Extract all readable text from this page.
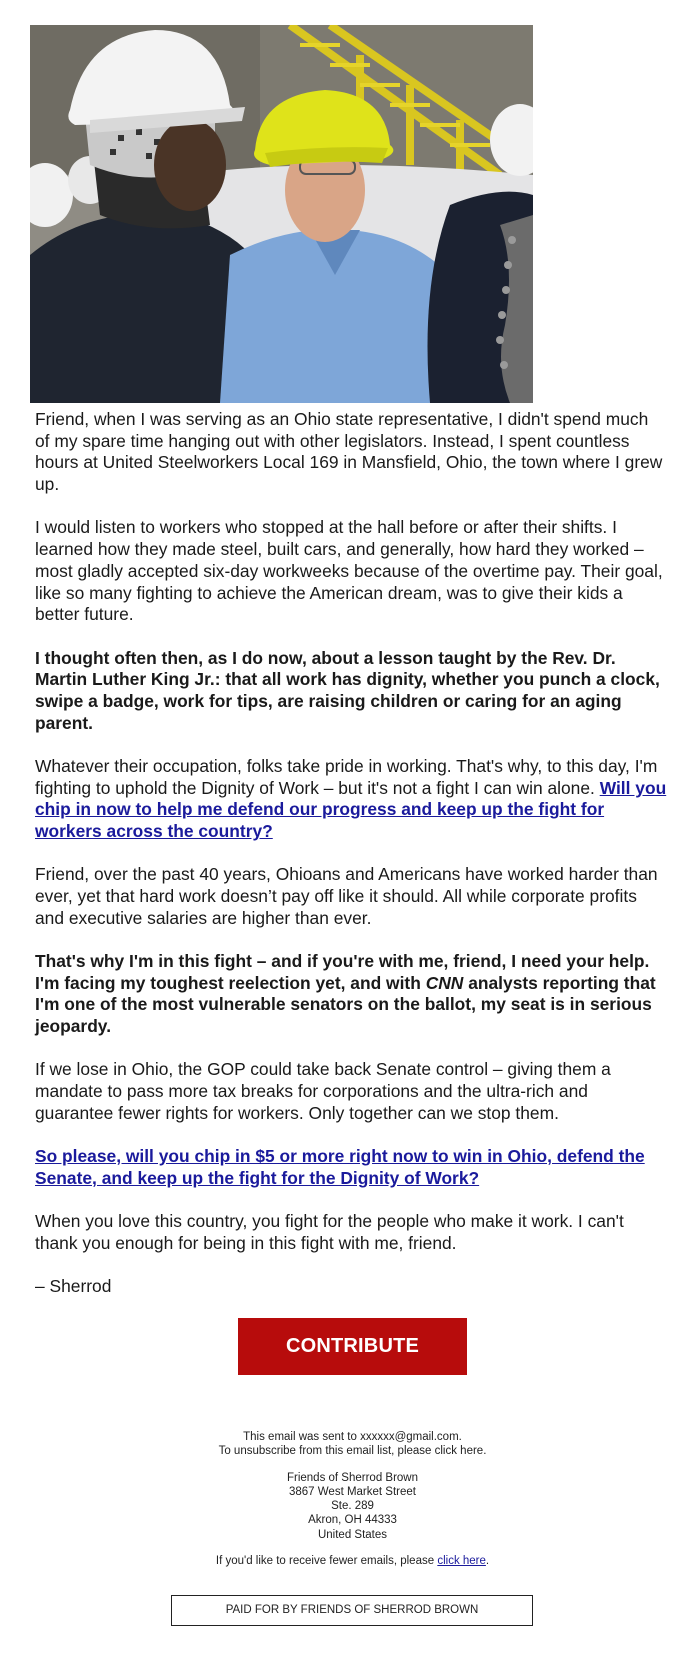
Friend, when I was serving as an Ohio state representative, I didn't spend much of my spare time hanging out with other legislators. Instead, I spent countless hours at United Steelworkers Local 169 in Mansfield, Ohio, the town where I grew up.

I would listen to workers who stopped at the hall before or after their shifts. I learned how they made steel, built cars, and generally, how hard they worked – most gladly accepted six-day workweeks because of the overtime pay. Their goal, like so many fighting to achieve the American dream, was to give their kids a better future.

I thought often then, as I do now, about a lesson taught by the Rev. Dr. Martin Luther King Jr.: that all work has dignity, whether you punch a clock, swipe a badge, work for tips, are raising children or caring for an aging parent.

Whatever their occupation, folks take pride in working. That's why, to this day, I'm fighting to uphold the Dignity of Work – but it's not a fight I can win alone. Will you chip in now to help me defend our progress and keep up the fight for workers across the country?

Friend, over the past 40 years, Ohioans and Americans have worked harder than ever, yet that hard work doesn’t pay off like it should. All while corporate profits and executive salaries are higher than ever.

That's why I'm in this fight – and if you're with me, friend, I need your help. I'm facing my toughest reelection yet, and with CNN analysts reporting that I'm one of the most vulnerable senators on the ballot, my seat is in serious jeopardy.

If we lose in Ohio, the GOP could take back Senate control – giving them a mandate to pass more tax breaks for corporations and the ultra-rich and guarantee fewer rights for workers. Only together can we stop them.

So please, will you chip in $5 or more right now to win in Ohio, defend the Senate, and keep up the fight for the Dignity of Work?

When you love this country, you fight for the people who make it work. I can't thank you enough for being in this fight with me, friend.

– Sherrod

CONTRIBUTE
This email was sent to xxxxxx@gmail.com.
To unsubscribe from this email list, please click here.
Friends of Sherrod Brown
3867 West Market Street
Ste. 289
Akron, OH 44333
United States
If you'd like to receive fewer emails, please click here.
PAID FOR BY FRIENDS OF SHERROD BROWN
